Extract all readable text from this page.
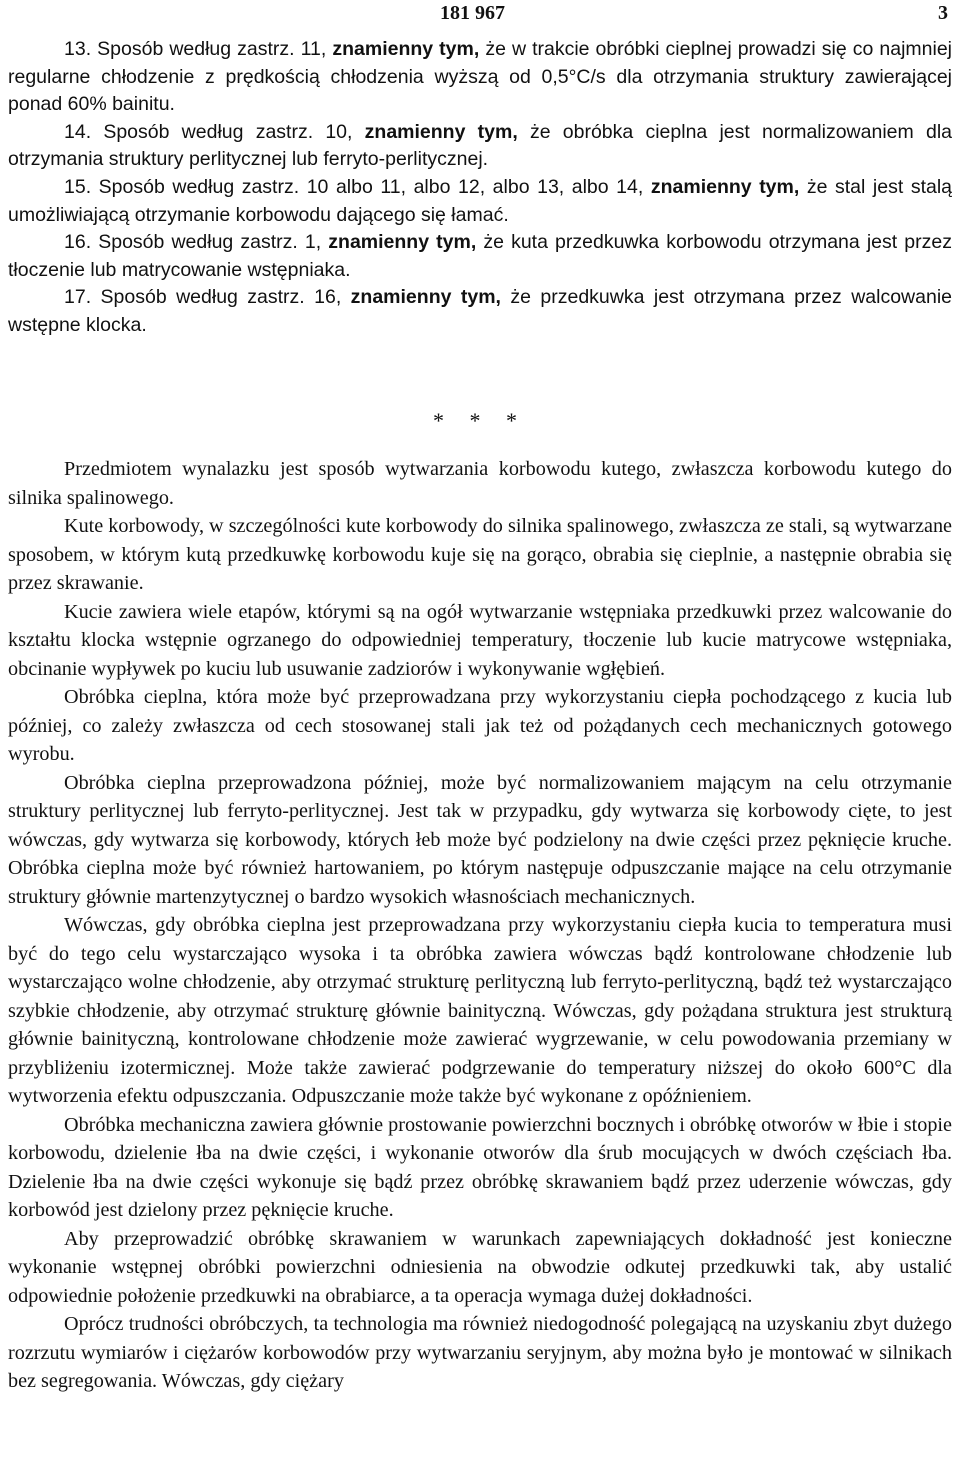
181 967	3

13. Sposób według zastrz. 11, znamienny tym, że w trakcie obróbki cieplnej prowadzi się co najmniej regularne chłodzenie z prędkością chłodzenia wyższą od 0,5°C/s dla otrzymania struktury zawierającej ponad 60% bainitu.

14. Sposób według zastrz. 10, znamienny tym, że obróbka cieplna jest normalizowaniem dla otrzymania struktury perlitycznej lub ferryto-perlitycznej.

15. Sposób według zastrz. 10 albo 11, albo 12, albo 13, albo 14, znamienny tym, że stal jest stalą umożliwiającą otrzymanie korbowodu dającego się łamać.

16. Sposób według zastrz. 1, znamienny tym, że kuta przedkuwka korbowodu otrzymana jest przez tłoczenie lub matrycowanie wstępniaka.

17. Sposób według zastrz. 16, znamienny tym, że przedkuwka jest otrzymana przez walcowanie wstępne klocka.

* * *

Przedmiotem wynalazku jest sposób wytwarzania korbowodu kutego, zwłaszcza korbowodu kutego do silnika spalinowego.

Kute korbowody, w szczególności kute korbowody do silnika spalinowego, zwłaszcza ze stali, są wytwarzane sposobem, w którym kutą przedkuwkę korbowodu kuje się na gorąco, obrabia się cieplnie, a następnie obrabia się przez skrawanie.

Kucie zawiera wiele etapów, którymi są na ogół wytwarzanie wstępniaka przedkuwki przez walcowanie do kształtu klocka wstępnie ogrzanego do odpowiedniej temperatury, tłoczenie lub kucie matrycowe wstępniaka, obcinanie wypływek po kuciu lub usuwanie zadziorów i wykonywanie wgłębień.

Obróbka cieplna, która może być przeprowadzana przy wykorzystaniu ciepła pochodzącego z kucia lub później, co zależy zwłaszcza od cech stosowanej stali jak też od pożądanych cech mechanicznych gotowego wyrobu.

Obróbka cieplna przeprowadzona później, może być normalizowaniem mającym na celu otrzymanie struktury perlitycznej lub ferryto-perlitycznej. Jest tak w przypadku, gdy wytwarza się korbowody cięte, to jest wówczas, gdy wytwarza się korbowody, których łeb może być podzielony na dwie części przez pęknięcie kruche. Obróbka cieplna może być również hartowaniem, po którym następuje odpuszczanie mające na celu otrzymanie struktury głównie martenzytycznej o bardzo wysokich własnościach mechanicznych.

Wówczas, gdy obróbka cieplna jest przeprowadzana przy wykorzystaniu ciepła kucia to temperatura musi być do tego celu wystarczająco wysoka i ta obróbka zawiera wówczas bądź kontrolowane chłodzenie lub wystarczająco wolne chłodzenie, aby otrzymać strukturę perlityczną lub ferryto-perlityczną, bądź też wystarczająco szybkie chłodzenie, aby otrzymać strukturę głównie bainityczną. Wówczas, gdy pożądana struktura jest strukturą głównie bainityczną, kontrolowane chłodzenie może zawierać wygrzewanie, w celu powodowania przemiany w przybliżeniu izotermicznej. Może także zawierać podgrzewanie do temperatury niższej do około 600°C dla wytworzenia efektu odpuszczania. Odpuszczanie może także być wykonane z opóźnieniem.

Obróbka mechaniczna zawiera głównie prostowanie powierzchni bocznych i obróbkę otworów w łbie i stopie korbowodu, dzielenie łba na dwie części, i wykonanie otworów dla śrub mocujących w dwóch częściach łba. Dzielenie łba na dwie części wykonuje się bądź przez obróbkę skrawaniem bądź przez uderzenie wówczas, gdy korbowód jest dzielony przez pęknięcie kruche.

Aby przeprowadzić obróbkę skrawaniem w warunkach zapewniających dokładność jest konieczne wykonanie wstępnej obróbki powierzchni odniesienia na obwodzie odkutej przedkuwki tak, aby ustalić odpowiednie położenie przedkuwki na obrabiarce, a ta operacja wymaga dużej dokładności.

Oprócz trudności obróbczych, ta technologia ma również niedogodność polegającą na uzyskaniu zbyt dużego rozrzutu wymiarów i ciężarów korbowodów przy wytwarzaniu seryjnym, aby można było je montować w silnikach bez segregowania. Wówczas, gdy ciężary
